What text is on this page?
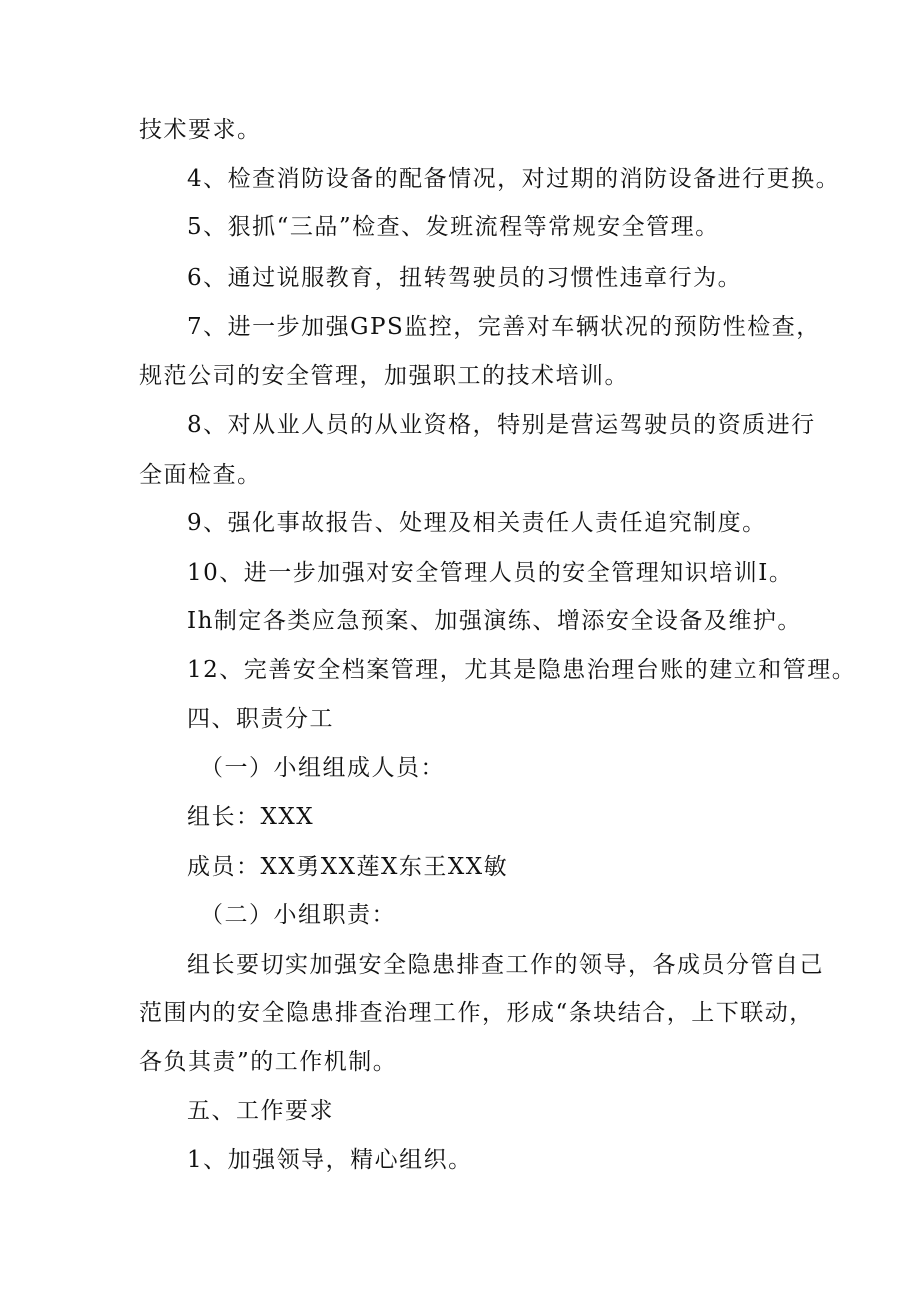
技术要求。
4、检查消防设备的配备情况，对过期的消防设备进行更换。
5、狠抓“三品”检查、发班流程等常规安全管理。
6、通过说服教育，扭转驾驶员的习惯性违章行为。
7、进一步加强GPS监控，完善对车辆状况的预防性检查，
规范公司的安全管理，加强职工的技术培训。
8、对从业人员的从业资格，特别是营运驾驶员的资质进行
全面检查。
9、强化事故报告、处理及相关责任人责任追究制度。
10、进一步加强对安全管理人员的安全管理知识培训I。
Ih制定各类应急预案、加强演练、增添安全设备及维护。
12、完善安全档案管理，尤其是隐患治理台账的建立和管理。
四、职责分工
（一）小组组成人员：
组长：XXX
成员：XX勇XX莲X东王XX敏
（二）小组职责：
组长要切实加强安全隐患排查工作的领导，各成员分管自己
范围内的安全隐患排查治理工作，形成“条块结合，上下联动，
各负其责”的工作机制。
五、工作要求
1、加强领导，精心组织。
